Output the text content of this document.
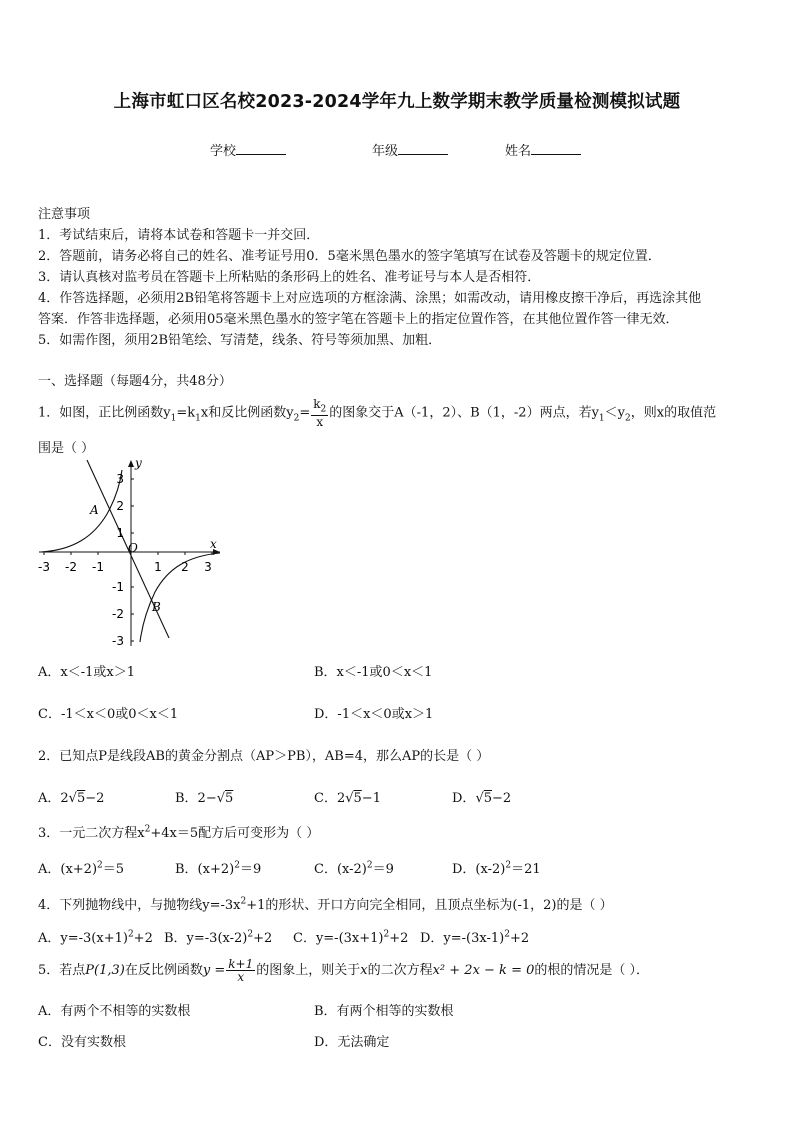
上海市虹口区名校2023-2024学年九上数学期末教学质量检测模拟试题
学校	年级	姓名
注意事项
1．考试结束后，请将本试卷和答题卡一并交回．
2．答题前，请务必将自己的姓名、准考证号用0．5毫米黑色墨水的签字笔填写在试卷及答题卡的规定位置．
3．请认真核对监考员在答题卡上所粘贴的条形码上的姓名、准考证号与本人是否相符．
4．作答选择题，必须用2B铅笔将答题卡上对应选项的方框涂满、涂黑；如需改动，请用橡皮擦干净后，再选涂其他
答案．作答非选择题，必须用05毫米黑色墨水的签字笔在答题卡上的指定位置作答，在其他位置作答一律无效．
5．如需作图，须用2B铅笔绘、写清楚，线条、符号等须加黑、加粗．
一、选择题（每题4分，共48分）
1．如图，正比例函数$y_1=k_1x$和反比例函数$y_2= \frac{k_2}{x}$ 的图象交于A（-1，2）、B（1，-2）两点，若$y_1<y_2$，则x的取值范
围是（ ）
y
x
O
A
B
3
2
1
-1
-2
-3
-3 -2 -1	1 2 3
A．x＜-1或x＞1	B．x＜-1或0＜x＜1
C．-1＜x＜0或0＜x＜1	D．-1＜x＜0或x＞1
2．已知点P是线段AB的黄金分割点（AP＞PB），AB=4，那么AP的长是（ ）
A．2√5−2	B．2−√5	C．2√5−1	D．√5−2
3．一元二次方程$x^2+4x=5$配方后可变形为（ ）
A．$(x+2)^2=5$	B．$(x+2)^2=9$	C．$(x-2)^2=9$	D．$(x-2)^2=21$
4．下列抛物线中，与抛物线$y=-3x^2+1$的形状、开口方向完全相同，且顶点坐标为(-1，2)的是（ ）
A．$y=-3(x+1)^2+2$ B．$y=-3(x-2)^2+2$ C．$y=-(3x+1)^2+2$ D．$y=-(3x-1)^2+2$
5．若点P(1,3)在反比例函数$y = \frac{k+1}{x}$ 的图象上，则关于x的二次方程x² + 2x − k = 0的根的情况是（ ）．
A．有两个不相等的实数根	B．有两个相等的实数根
C．没有实数根	D．无法确定
